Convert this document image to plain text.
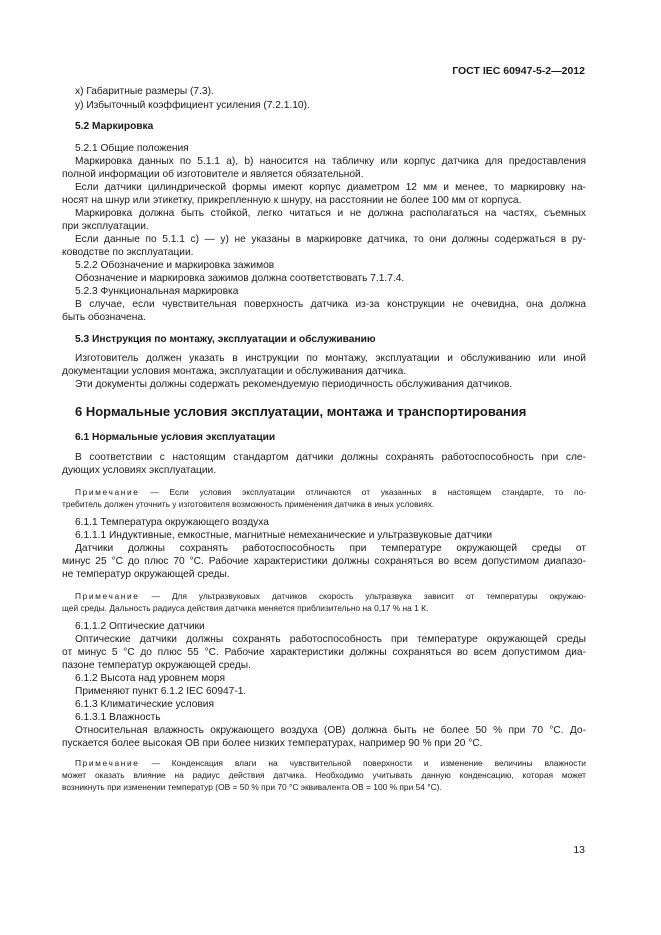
ГОСТ IEC 60947-5-2—2012
x) Габаритные размеры (7.3).
y) Избыточный коэффициент усиления (7.2.1.10).
5.2 Маркировка
5.2.1 Общие положения
Маркировка данных по 5.1.1 a), b) наносится на табличку или корпус датчика для предоставления
полной информации об изготовителе и является обязательной.
Если датчики цилиндрической формы имеют корпус диаметром 12 мм и менее, то маркировку на-
носят на шнур или этикетку, прикрепленную к шнуру, на расстоянии не более 100 мм от корпуса.
Маркировка должна быть стойкой, легко читаться и не должна располагаться на частях, съемных
при эксплуатации.
Если данные по 5.1.1 c) — y) не указаны в маркировке датчика, то они должны содержаться в ру-
ководстве по эксплуатации.
5.2.2 Обозначение и маркировка зажимов
Обозначение и маркировка зажимов должна соответствовать 7.1.7.4.
5.2.3 Функциональная маркировка
В случае, если чувствительная поверхность датчика из-за конструкции не очевидна, она должна
быть обозначена.
5.3 Инструкция по монтажу, эксплуатации и обслуживанию
Изготовитель должен указать в инструкции по монтажу, эксплуатации и обслуживанию или иной
документации условия монтажа, эксплуатации и обслуживания датчика.
Эти документы должны содержать рекомендуемую периодичность обслуживания датчиков.
6 Нормальные условия эксплуатации, монтажа и транспортирования
6.1 Нормальные условия эксплуатации
В соответствии с настоящим стандартом датчики должны сохранять работоспособность при сле-
дующих условиях эксплуатации.
Примечание — Если условия эксплуатации отличаются от указанных в настоящем стандарте, то по-
требитель должен уточнить у изготовителя возможность применения датчика в иных условиях.
6.1.1 Температура окружающего воздуха
6.1.1.1 Индуктивные, емкостные, магнитные немеханические и ультразвуковые датчики
Датчики должны сохранять работоспособность при температуре окружающей среды от
минус 25 °C до плюс 70 °C. Рабочие характеристики должны сохраняться во всем допустимом диапазо-
не температур окружающей среды.
Примечание — Для ультразвуковых датчиков скорость ультразвука зависит от температуры окружаю-
щей среды. Дальность радиуса действия датчика меняется приблизительно на 0,17 % на 1 К.
6.1.1.2 Оптические датчики
Оптические датчики должны сохранять работоспособность при температуре окружающей среды
от минус 5 °C до плюс 55 °C. Рабочие характеристики должны сохраняться во всем допустимом диа-
пазоне температур окружающей среды.
6.1.2 Высота над уровнем моря
Применяют пункт 6.1.2 IEC 60947-1.
6.1.3 Климатические условия
6.1.3.1 Влажность
Относительная влажность окружающего воздуха (ОВ) должна быть не более 50 % при 70 °C. До-
пускается более высокая ОВ при более низких температурах, например 90 % при 20 °C.
Примечание — Конденсация влаги на чувствительной поверхности и изменение величины влажности
может оказать влияние на радиус действия датчика. Необходимо учитывать данную конденсацию, которая может
возникнуть при изменении температур (ОВ = 50 % при 70 °C эквивалента ОВ = 100 % при 54 °C).
13
